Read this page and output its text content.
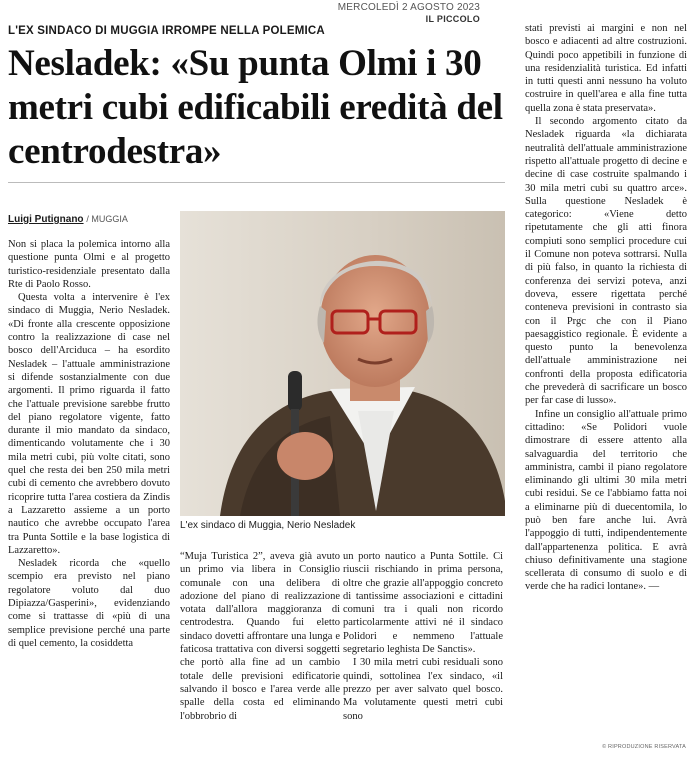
MERCOLEDÌ 2 AGOSTO 2023
IL PICCOLO
L'EX SINDACO DI MUGGIA IRROMPE NELLA POLEMICA
Nesladek: «Su punta Olmi i 30 metri cubi edificabili eredità del centrodestra»
Luigi Putignano / MUGGIA

Non si placa la polemica intorno alla questione punta Olmi e al progetto turistico-residenziale presentato dalla Rte di Paolo Rosso.

Questa volta a intervenire è l'ex sindaco di Muggia, Nerio Nesladek. «Di fronte alla crescente opposizione contro la realizzazione di case nel bosco dell'Arciduca – ha esordito Nesladek – l'attuale amministrazione si difende sostanzialmente con due argomenti. Il primo riguarda il fatto che l'attuale previsione sarebbe frutto del piano regolatore vigente, fatto durante il mio mandato da sindaco, dimenticando volutamente che i 30 mila metri cubi, più volte citati, sono quel che resta dei ben 250 mila metri cubi di cemento che avrebbero dovuto ricoprire tutta l'area costiera da Zindis a Lazzaretto assieme a un porto nautico che avrebbe occupato l'area tra Punta Sottile e la base logistica di Lazzaretto».

Nesladek ricorda che «quello scempio era previsto nel piano regolatore voluto dal duo Dipiazza/Gasperini», evidenziando come si trattasse di «più di una semplice previsione perché una parte di quel cemento, la cosiddetta

L'ex sindaco di Muggia, Nerio Nesladek

“Muja Turistica 2”, aveva già avuto un primo via libera in Consiglio comunale con una delibera di adozione del piano di realizzazione votata dall'allora maggioranza di centrodestra. Quando fui eletto sindaco dovetti affrontare una lunga e faticosa trattativa con diversi soggetti che portò alla fine ad un cambio totale delle previsioni edificatorie salvando il bosco e l'area verde alle spalle della costa ed eliminando l'obbrobrio di

un porto nautico a Punta Sottile. Ci riuscii rischiando in prima persona, oltre che grazie all'appoggio concreto di tantissime associazioni e cittadini comuni tra i quali non ricordo particolarmente attivi né il sindaco Polidori e nemmeno l'attuale segretario leghista De Sanctis».

I 30 mila metri cubi residuali sono quindi, sottolinea l'ex sindaco, «il prezzo per aver salvato quel bosco. Ma volutamente questi metri cubi sono

stati previsti ai margini e non nel bosco e adiacenti ad altre costruzioni. Quindi poco appetibili in funzione di una residenzialità turistica. Ed infatti in tutti questi anni nessuno ha voluto costruire in quell'area e alla fine tutta quella zona è stata preservata».

Il secondo argomento citato da Nesladek riguarda «la dichiarata neutralità dell'attuale amministrazione rispetto all'attuale progetto di decine e decine di case costruite spalmando i 30 mila metri cubi su quattro arce». Sulla questione Nesladek è categorico: «Viene detto ripetutamente che gli atti finora compiuti sono semplici procedure cui il Comune non poteva sottrarsi. Nulla di più falso, in quanto la richiesta di conferenza dei servizi poteva, anzi doveva, essere rigettata perché conteneva previsioni in contrasto sia con il Prgc che con il Piano paesaggistico regionale. È evidente a questo punto la benevolenza dell'attuale amministrazione nei confronti della proposta edificatoria che prevederà di sacrificare un bosco per far case di lusso».

Infine un consiglio all'attuale primo cittadino: «Se Polidori vuole dimostrare di essere attento alla salvaguardia del territorio che amministra, cambi il piano regolatore eliminando gli ultimi 30 mila metri cubi residui. Se ce l'abbiamo fatta noi a eliminarne più di duecentomila, lo può ben fare anche lui. Avrà l'appoggio di tutti, indipendentemente dall'appartenenza politica. E avrà chiuso definitivamente una stagione scellerata di consumo di suolo e di verde che ha radici lontane». —

© RIPRODUZIONE RISERVATA
